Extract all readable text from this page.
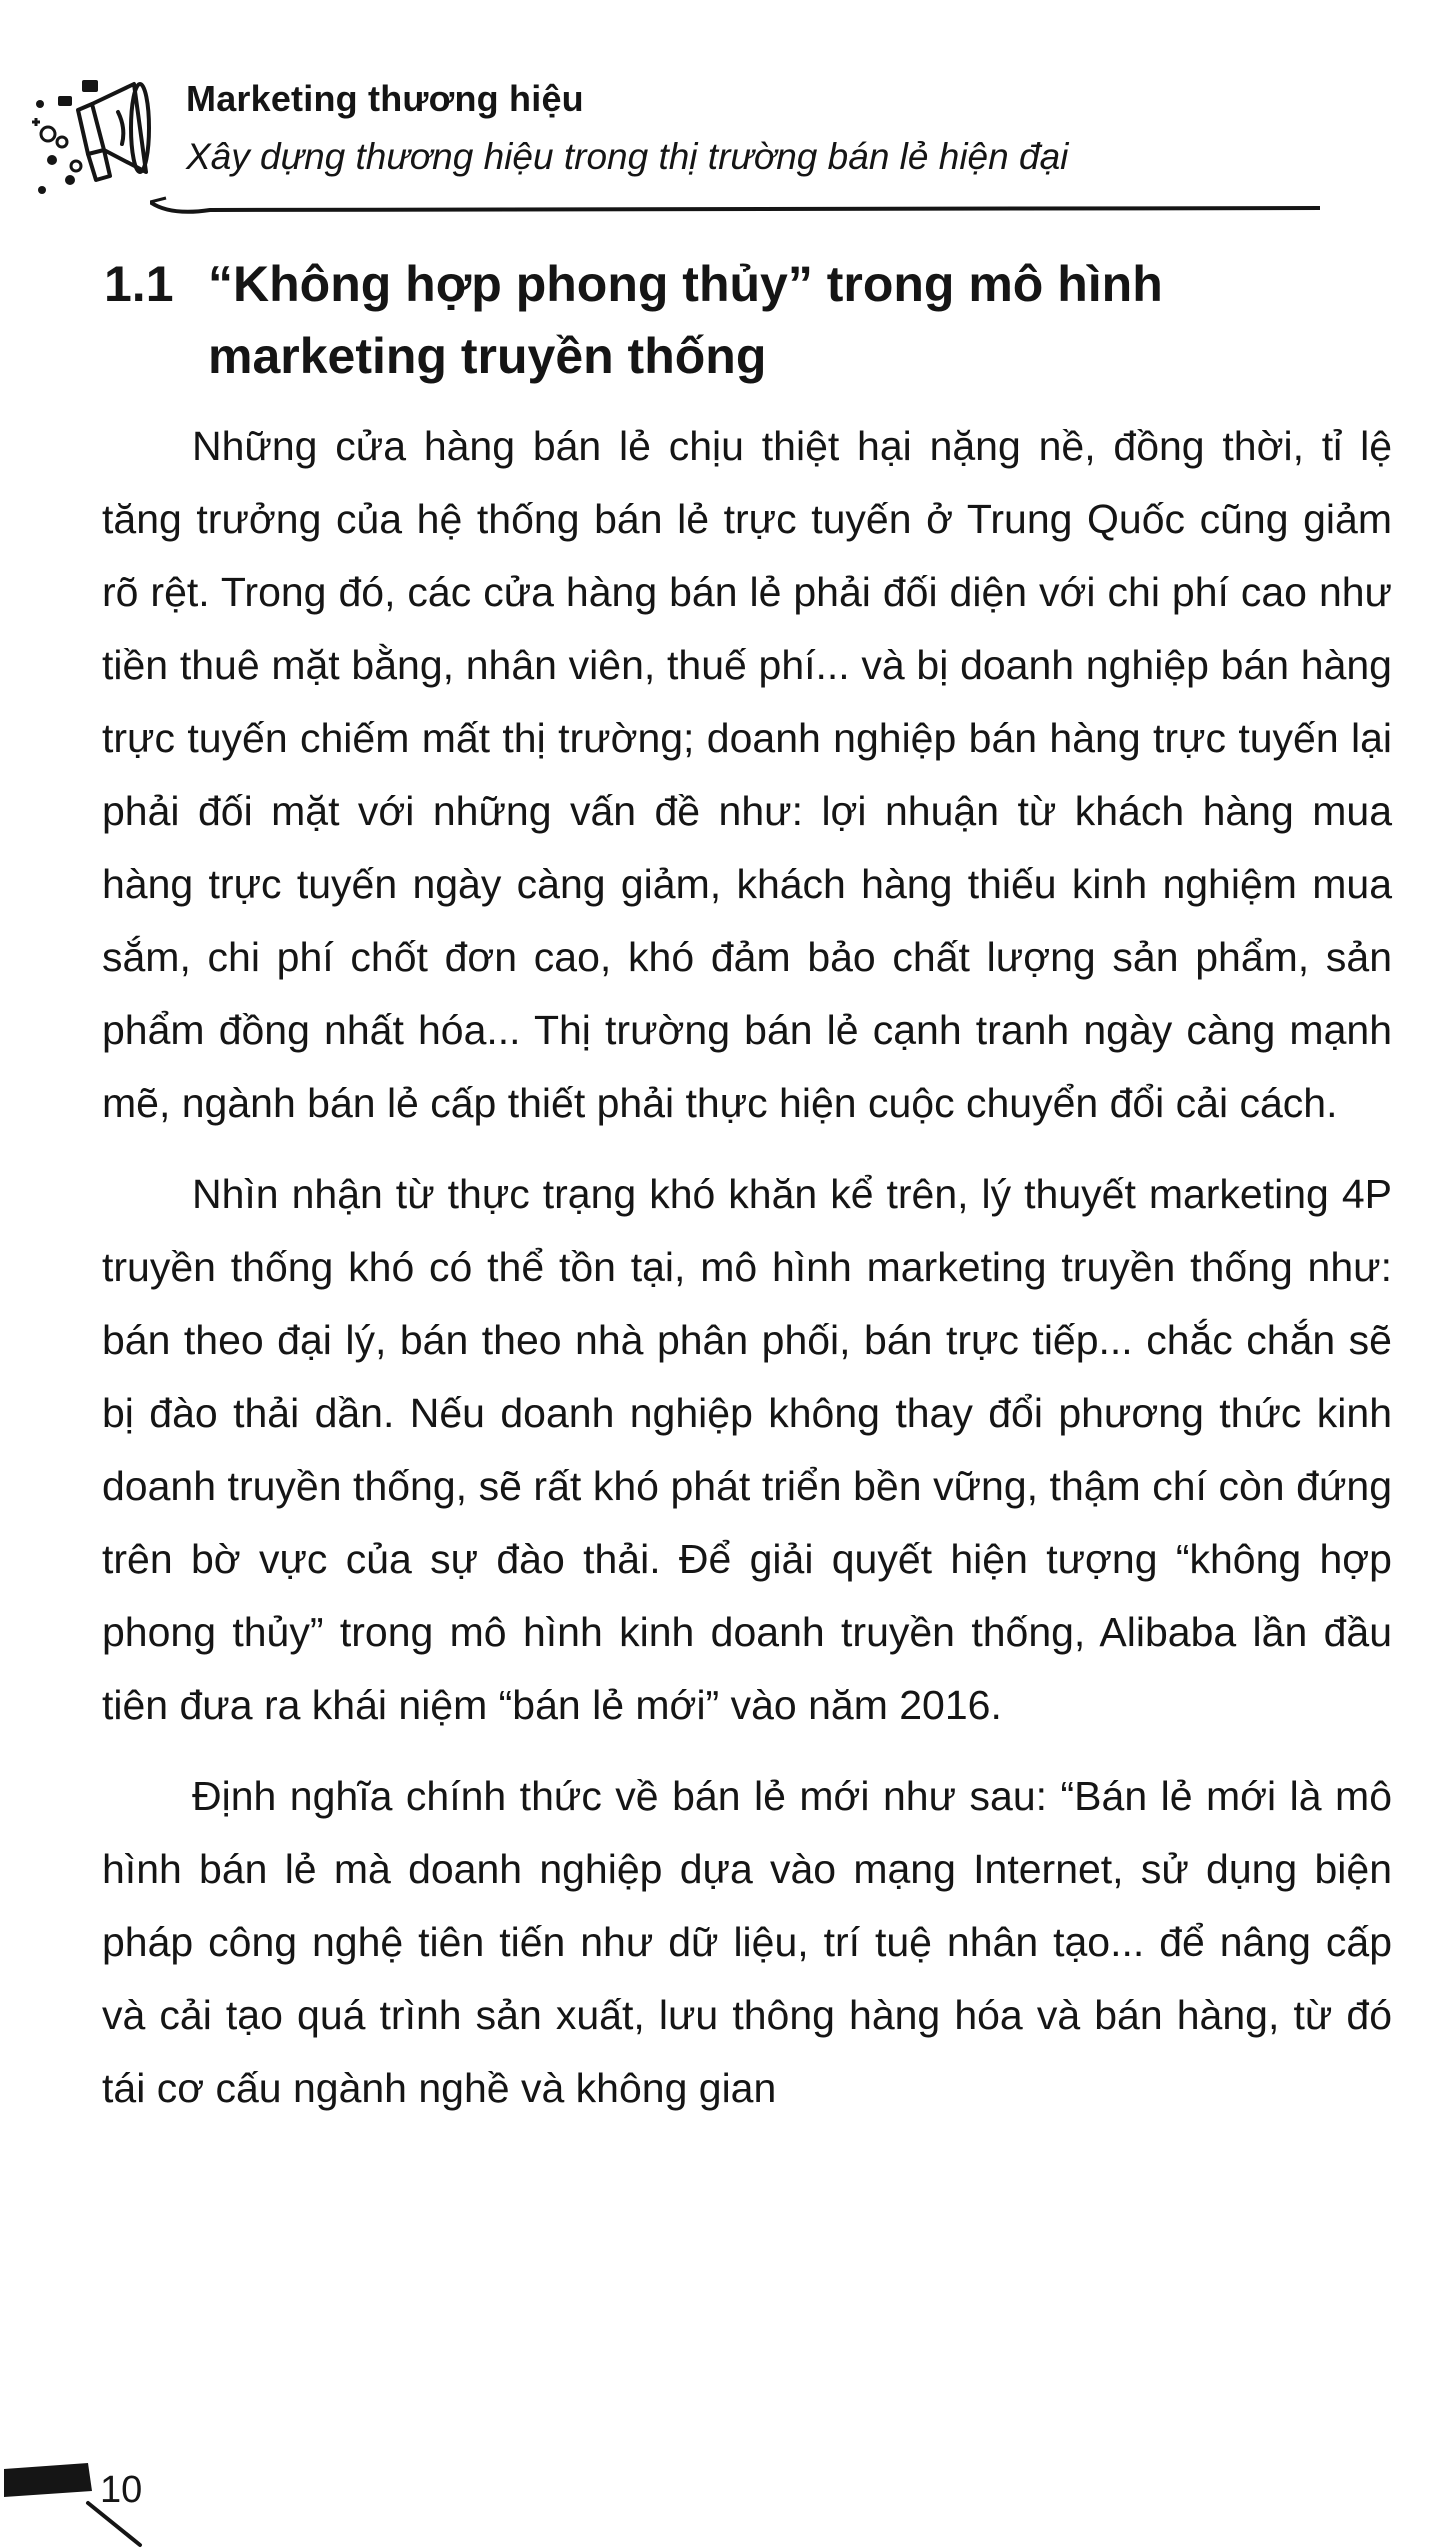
Marketing thương hiệu

Xây dựng thương hiệu trong thị trường bán lẻ hiện đại

1.1 “Không hợp phong thủy” trong mô hình marketing truyền thống

Những cửa hàng bán lẻ chịu thiệt hại nặng nề, đồng thời, tỉ lệ tăng trưởng của hệ thống bán lẻ trực tuyến ở Trung Quốc cũng giảm rõ rệt. Trong đó, các cửa hàng bán lẻ phải đối diện với chi phí cao như tiền thuê mặt bằng, nhân viên, thuế phí... và bị doanh nghiệp bán hàng trực tuyến chiếm mất thị trường; doanh nghiệp bán hàng trực tuyến lại phải đối mặt với những vấn đề như: lợi nhuận từ khách hàng mua hàng trực tuyến ngày càng giảm, khách hàng thiếu kinh nghiệm mua sắm, chi phí chốt đơn cao, khó đảm bảo chất lượng sản phẩm, sản phẩm đồng nhất hóa... Thị trường bán lẻ cạnh tranh ngày càng mạnh mẽ, ngành bán lẻ cấp thiết phải thực hiện cuộc chuyển đổi cải cách.

Nhìn nhận từ thực trạng khó khăn kể trên, lý thuyết marketing 4P truyền thống khó có thể tồn tại, mô hình marketing truyền thống như: bán theo đại lý, bán theo nhà phân phối, bán trực tiếp... chắc chắn sẽ bị đào thải dần. Nếu doanh nghiệp không thay đổi phương thức kinh doanh truyền thống, sẽ rất khó phát triển bền vững, thậm chí còn đứng trên bờ vực của sự đào thải. Để giải quyết hiện tượng “không hợp phong thủy” trong mô hình kinh doanh truyền thống, Alibaba lần đầu tiên đưa ra khái niệm “bán lẻ mới” vào năm 2016.

Định nghĩa chính thức về bán lẻ mới như sau: “Bán lẻ mới là mô hình bán lẻ mà doanh nghiệp dựa vào mạng Internet, sử dụng biện pháp công nghệ tiên tiến như dữ liệu, trí tuệ nhân tạo... để nâng cấp và cải tạo quá trình sản xuất, lưu thông hàng hóa và bán hàng, từ đó tái cơ cấu ngành nghề và không gian

10
